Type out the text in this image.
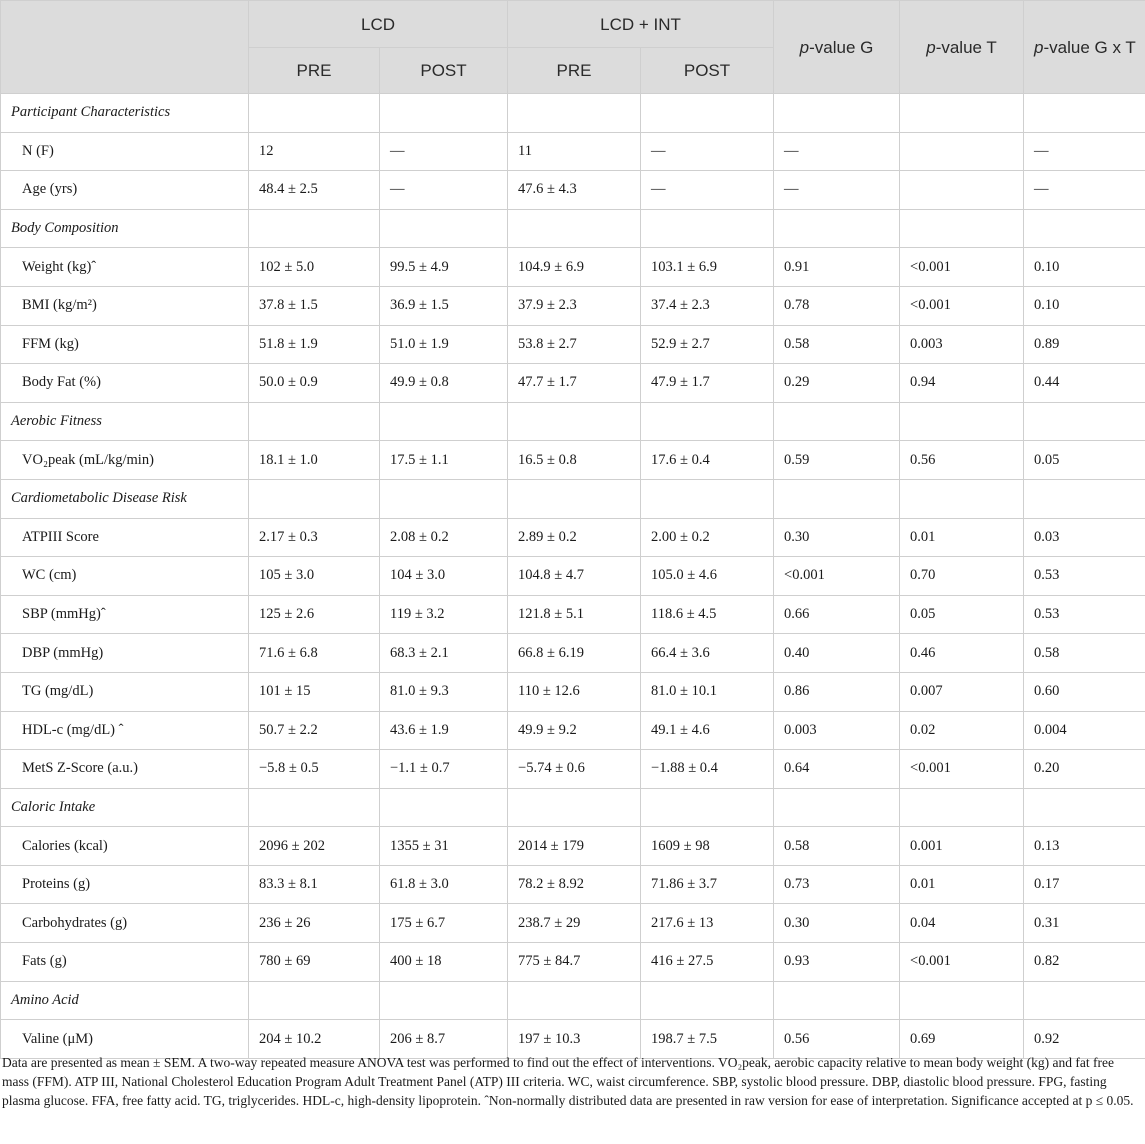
	LCD		LCD + INT		p-value G	p-value T	p-value G x T
	PRE	POST	PRE	POST			
Participant Characteristics							
N (F)	12	—	11	—	—		—
Age (yrs)	48.4 ± 2.5	—	47.6 ± 4.3	—	—		—
Body Composition							
Weight (kg)ˆ	102 ± 5.0	99.5 ± 4.9	104.9 ± 6.9	103.1 ± 6.9	0.91	<0.001	0.10
BMI (kg/m²)	37.8 ± 1.5	36.9 ± 1.5	37.9 ± 2.3	37.4 ± 2.3	0.78	<0.001	0.10
FFM (kg)	51.8 ± 1.9	51.0 ± 1.9	53.8 ± 2.7	52.9 ± 2.7	0.58	0.003	0.89
Body Fat (%)	50.0 ± 0.9	49.9 ± 0.8	47.7 ± 1.7	47.9 ± 1.7	0.29	0.94	0.44
Aerobic Fitness							
VO₂peak (mL/kg/min)	18.1 ± 1.0	17.5 ± 1.1	16.5 ± 0.8	17.6 ± 0.4	0.59	0.56	0.05
Cardiometabolic Disease Risk							
ATPIII Score	2.17 ± 0.3	2.08 ± 0.2	2.89 ± 0.2	2.00 ± 0.2	0.30	0.01	0.03
WC (cm)	105 ± 3.0	104 ± 3.0	104.8 ± 4.7	105.0 ± 4.6	<0.001	0.70	0.53
SBP (mmHg)ˆ	125 ± 2.6	119 ± 3.2	121.8 ± 5.1	118.6 ± 4.5	0.66	0.05	0.53
DBP (mmHg)	71.6 ± 6.8	68.3 ± 2.1	66.8 ± 6.19	66.4 ± 3.6	0.40	0.46	0.58
TG (mg/dL)	101 ± 15	81.0 ± 9.3	110 ± 12.6	81.0 ± 10.1	0.86	0.007	0.60
HDL-c (mg/dL) ˆ	50.7 ± 2.2	43.6 ± 1.9	49.9 ± 9.2	49.1 ± 4.6	0.003	0.02	0.004
MetS Z-Score (a.u.)	−5.8 ± 0.5	−1.1 ± 0.7	−5.74 ± 0.6	−1.88 ± 0.4	0.64	<0.001	0.20
Caloric Intake							
Calories (kcal)	2096 ± 202	1355 ± 31	2014 ± 179	1609 ± 98	0.58	0.001	0.13
Proteins (g)	83.3 ± 8.1	61.8 ± 3.0	78.2 ± 8.92	71.86 ± 3.7	0.73	0.01	0.17
Carbohydrates (g)	236 ± 26	175 ± 6.7	238.7 ± 29	217.6 ± 13	0.30	0.04	0.31
Fats (g)	780 ± 69	400 ± 18	775 ± 84.7	416 ± 27.5	0.93	<0.001	0.82
Amino Acid							
Valine (μM)	204 ± 10.2	206 ± 8.7	197 ± 10.3	198.7 ± 7.5	0.56	0.69	0.92
Data are presented as mean ± SEM. A two-way repeated measure ANOVA test was performed to find out the effect of interventions. VO₂peak, aerobic capacity relative to mean body weight (kg) and fat free mass (FFM). ATP III, National Cholesterol Education Program Adult Treatment Panel (ATP) III criteria. WC, waist circumference. SBP, systolic blood pressure. DBP, diastolic blood pressure. FPG, fasting plasma glucose. FFA, free fatty acid. TG, triglycerides. HDL-c, high-density lipoprotein. ˆNon-normally distributed data are presented in raw version for ease of interpretation. Significance accepted at p ≤ 0.05.
